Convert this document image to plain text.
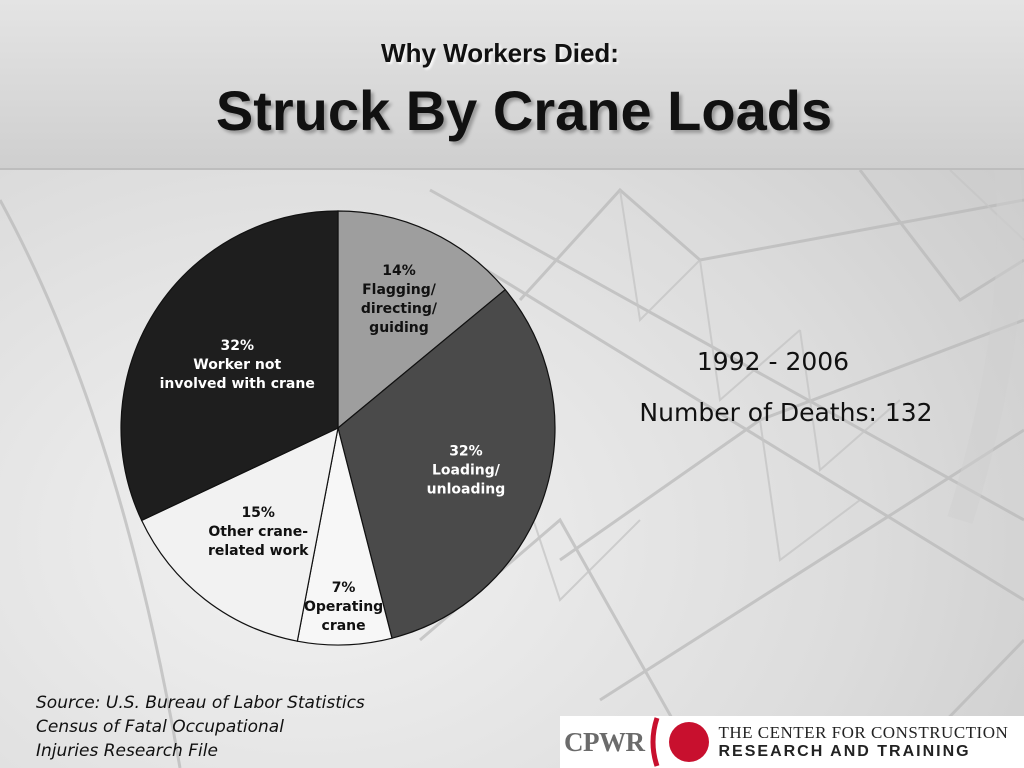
Why Workers Died:
Struck By Crane Loads
14% Flagging/ directing/ guiding
32% Loading/ unloading
7% Operating crane
15% Other crane-related work
32% Worker not involved with crane
1992 - 2006
Number of Deaths: 132
Source: U.S. Bureau of Labor Statistics
Census of Fatal Occupational
Injuries Research File	CPWR	THE CENTER FOR CONSTRUCTION
RESEARCH AND TRAINING
